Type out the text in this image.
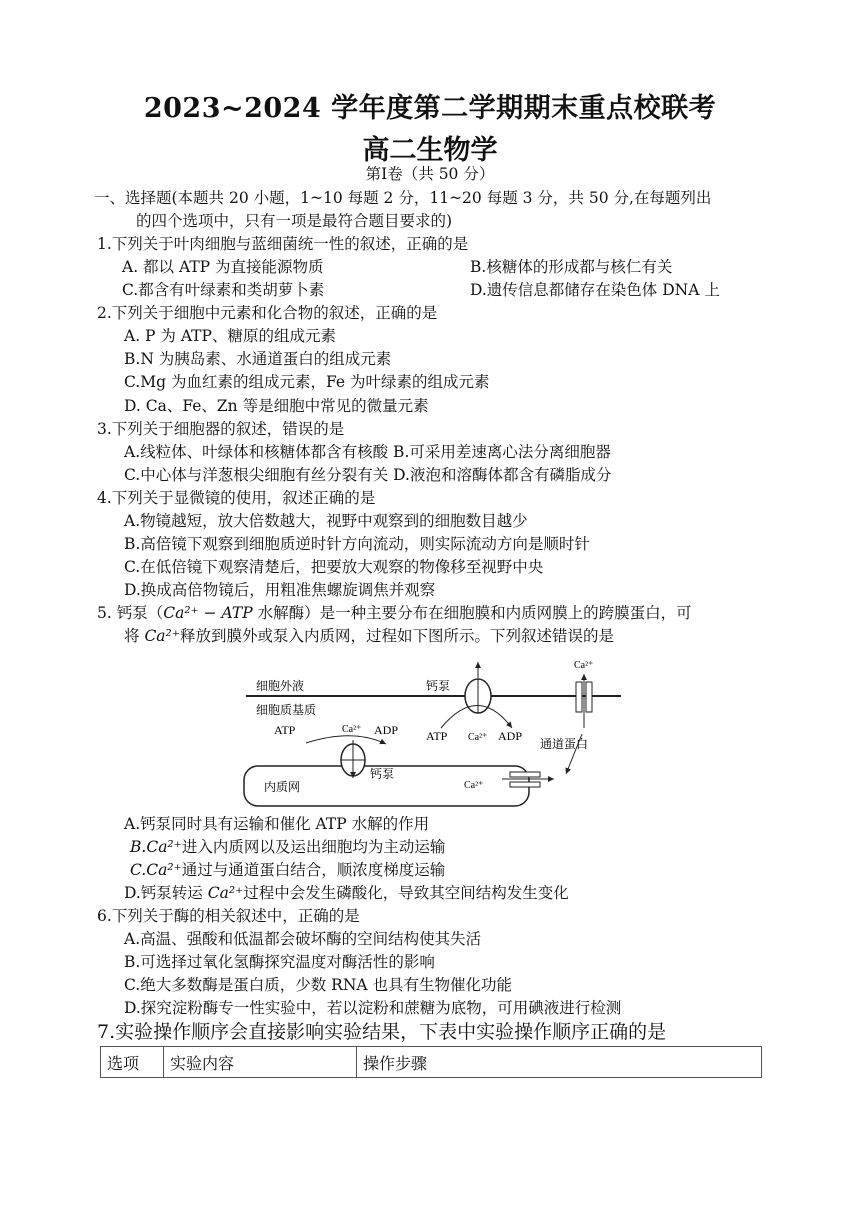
2023~2024 学年度第二学期期末重点校联考
高二生物学
第Ⅰ卷（共 50 分）
一、选择题(本题共 20 小题，1~10 每题 2 分，11~20 每题 3 分，共 50 分,在每题列出
的四个选项中，只有一项是最符合题目要求的)
1.下列关于叶肉细胞与蓝细菌统一性的叙述，正确的是
A. 都以 ATP 为直接能源物质	B.核糖体的形成都与核仁有关
C.都含有叶绿素和类胡萝卜素	D.遗传信息都储存在染色体 DNA 上
2.下列关于细胞中元素和化合物的叙述，正确的是
A. P 为 ATP、糖原的组成元素
B.N 为胰岛素、水通道蛋白的组成元素
C.Mg 为血红素的组成元素，Fe 为叶绿素的组成元素
D. Ca、Fe、Zn 等是细胞中常见的微量元素
3.下列关于细胞器的叙述，错误的是
A.线粒体、叶绿体和核糖体都含有核酸 B.可采用差速离心法分离细胞器
C.中心体与洋葱根尖细胞有丝分裂有关 D.液泡和溶酶体都含有磷脂成分
4.下列关于显微镜的使用，叙述正确的是
A.物镜越短，放大倍数越大，视野中观察到的细胞数目越少
B.高倍镜下观察到细胞质逆时针方向流动，则实际流动方向是顺时针
C.在低倍镜下观察清楚后，把要放大观察的物像移至视野中央
D.换成高倍物镜后，用粗准焦螺旋调焦并观察
5. 钙泵（Ca²⁺ − ATP 水解酶）是一种主要分布在细胞膜和内质网膜上的跨膜蛋白，可
将 Ca²⁺释放到膜外或泵入内质网，过程如下图所示。下列叙述错误的是
细胞外液
细胞质基质
钙泵
ATP Ca²⁺ ADP
Ca²⁺
通道蛋白
内质网
ATP	Ca²⁺ ADP
钙泵
Ca²⁺
A.钙泵同时具有运输和催化 ATP 水解的作用
B.Ca²⁺进入内质网以及运出细胞均为主动运输
C.Ca²⁺通过与通道蛋白结合，顺浓度梯度运输
D.钙泵转运 Ca²⁺过程中会发生磷酸化，导致其空间结构发生变化
6.下列关于酶的相关叙述中，正确的是
A.高温、强酸和低温都会破坏酶的空间结构使其失活
B.可选择过氧化氢酶探究温度对酶活性的影响
C.绝大多数酶是蛋白质，少数 RNA 也具有生物催化功能
D.探究淀粉酶专一性实验中，若以淀粉和蔗糖为底物，可用碘液进行检测
7.实验操作顺序会直接影响实验结果，下表中实验操作顺序正确的是
选项	实验内容	操作步骤
